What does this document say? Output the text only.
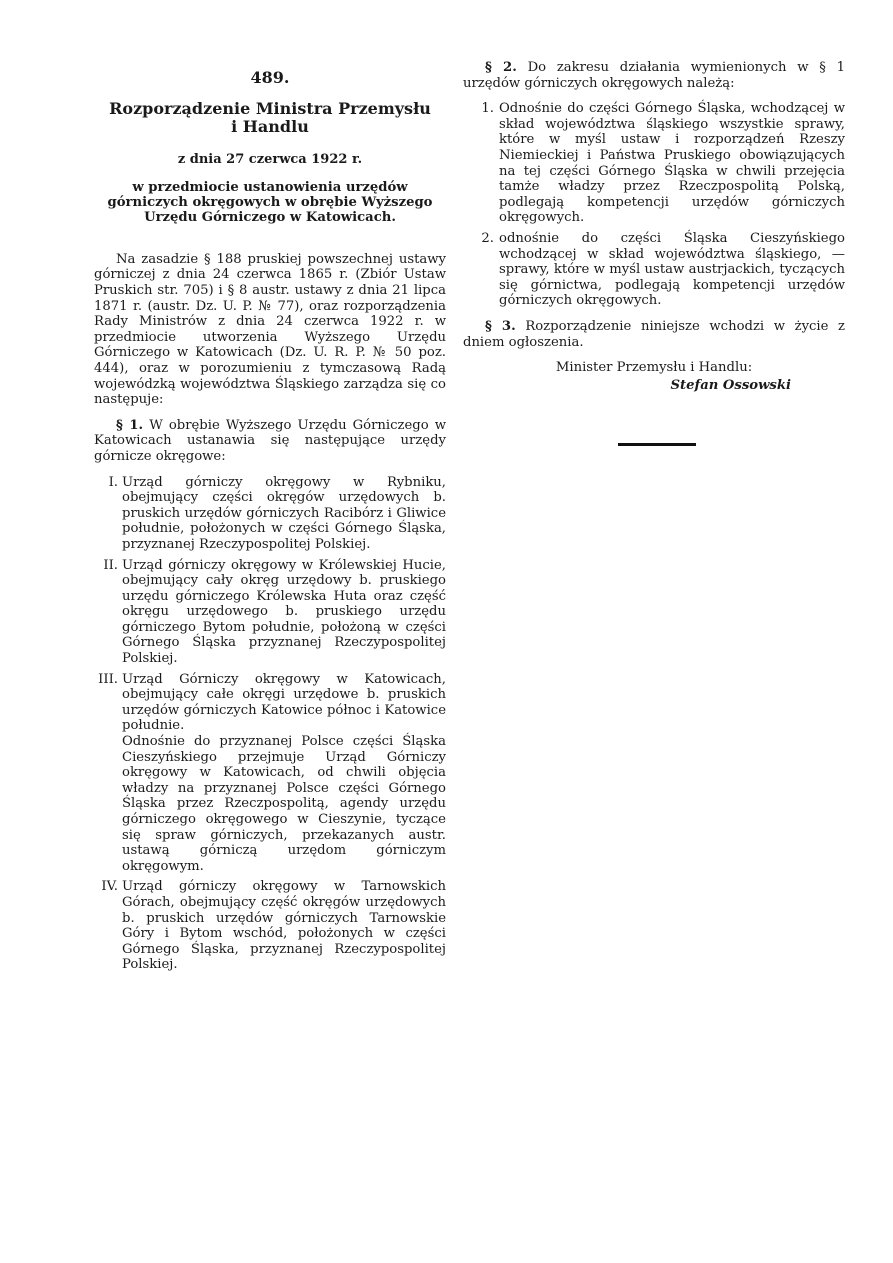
489.
Rozporządzenie Ministra Przemysłu
i Handlu
z dnia 27 czerwca 1922 r.
w przedmiocie ustanowienia urzędów górniczych okręgowych w obrębie Wyższego Urzędu Górniczego w Katowicach.

Na zasadzie § 188 pruskiej powszechnej ustawy górniczej z dnia 24 czerwca 1865 r. (Zbiór Ustaw Pruskich str. 705) i § 8 austr. ustawy z dnia 21 lipca 1871 r. (austr. Dz. U. P. № 77), oraz rozporządzenia Rady Ministrów z dnia 24 czerwca 1922 r. w przedmiocie utworzenia Wyższego Urzędu Górniczego w Katowicach (Dz. U. R. P. № 50 poz. 444), oraz w porozumieniu z tymczasową Radą wojewódzką województwa Śląskiego zarządza się co następuje:

§ 1. W obrębie Wyższego Urzędu Górniczego w Katowicach ustanawia się następujące urzędy górnicze okręgowe:

I. Urząd górniczy okręgowy w Rybniku, obejmujący części okręgów urzędowych b. pruskich urzędów górniczych Racibórz i Gliwice południe, położonych w części Górnego Śląska, przyznanej Rzeczypospolitej Polskiej.
II. Urząd górniczy okręgowy w Królewskiej Hucie, obejmujący cały okręg urzędowy b. pruskiego urzędu górniczego Królewska Huta oraz część okręgu urzędowego b. pruskiego urzędu górniczego Bytom południe, położoną w części Górnego Śląska przyznanej Rzeczypospolitej Polskiej.
III. Urząd Górniczy okręgowy w Katowicach, obejmujący całe okręgi urzędowe b. pruskich urzędów górniczych Katowice północ i Katowice południe.
Odnośnie do przyznanej Polsce części Śląska Cieszyńskiego przejmuje Urząd Górniczy okręgowy w Katowicach, od chwili objęcia władzy na przyznanej Polsce części Górnego Śląska przez Rzeczpospolitą, agendy urzędu górniczego okręgowego w Cieszynie, tyczące się spraw górniczych, przekazanych austr. ustawą górniczą urzędom górniczym okręgowym.
IV. Urząd górniczy okręgowy w Tarnowskich Górach, obejmujący część okręgów urzędowych b. pruskich urzędów górniczych Tarnowskie Góry i Bytom wschód, położonych w części Górnego Śląska, przyznanej Rzeczypospolitej Polskiej.

§ 2. Do zakresu działania wymienionych w § 1 urzędów górniczych okręgowych należą:

1. Odnośnie do części Górnego Śląska, wchodzącej w skład województwa śląskiego wszystkie sprawy, które w myśl ustaw i rozporządzeń Rzeszy Niemieckiej i Państwa Pruskiego obowiązujących na tej części Górnego Śląska w chwili przejęcia tamże władzy przez Rzeczpospolitą Polską, podlegają kompetencji urzędów górniczych okręgowych.
2. odnośnie do części Śląska Cieszyńskiego wchodzącej w skład województwa śląskiego, — sprawy, które w myśl ustaw austrjackich, tyczących się górnictwa, podlegają kompetencji urzędów górniczych okręgowych.

§ 3. Rozporządzenie niniejsze wchodzi w życie z dniem ogłoszenia.

Minister Przemysłu i Handlu:
Stefan Ossowski
